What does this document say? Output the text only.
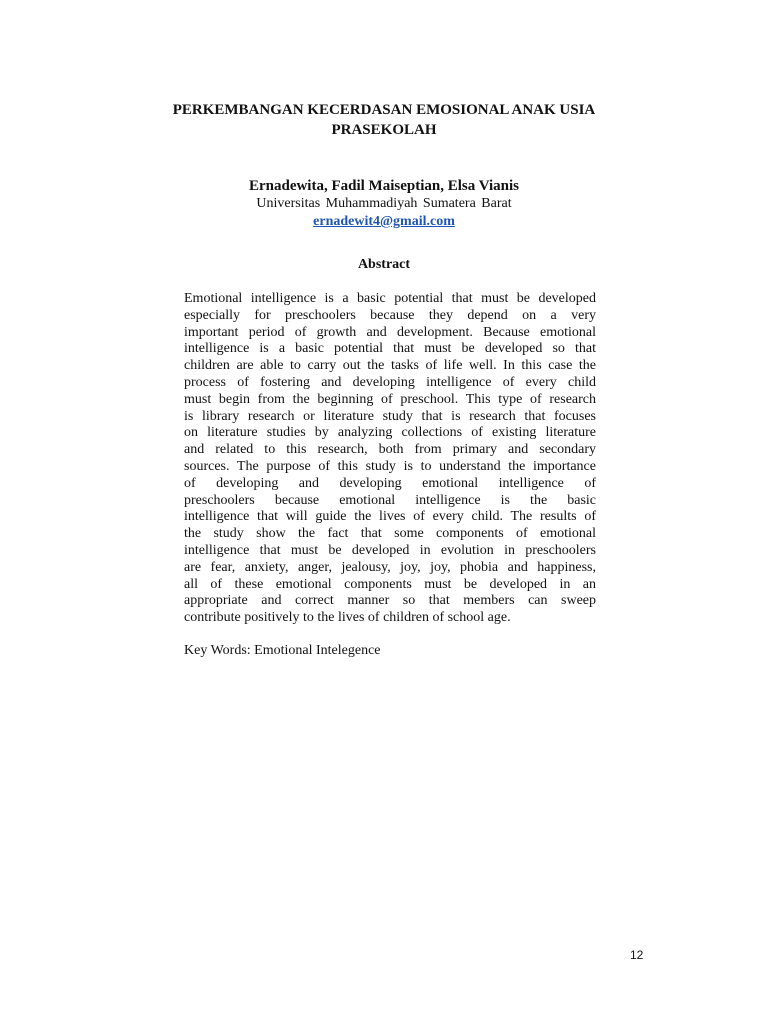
PERKEMBANGAN KECERDASAN EMOSIONAL ANAK USIA
PRASEKOLAH
Ernadewita, Fadil Maiseptian, Elsa Vianis
Universitas Muhammadiyah Sumatera Barat
ernadewit4@gmail.com
Abstract
Emotional intelligence is a basic potential that must be developed
especially for preschoolers because they depend on a very
important period of growth and development. Because emotional
intelligence is a basic potential that must be developed so that
children are able to carry out the tasks of life well. In this case the
process of fostering and developing intelligence of every child
must begin from the beginning of preschool. This type of research
is library research or literature study that is research that focuses
on literature studies by analyzing collections of existing literature
and related to this research, both from primary and secondary
sources. The purpose of this study is to understand the importance
of developing and developing emotional intelligence of
preschoolers because emotional intelligence is the basic
intelligence that will guide the lives of every child. The results of
the study show the fact that some components of emotional
intelligence that must be developed in evolution in preschoolers
are fear, anxiety, anger, jealousy, joy, joy, phobia and happiness,
all of these emotional components must be developed in an
appropriate and correct manner so that members can sweep
contribute positively to the lives of children of school age.
Key Words: Emotional Intelegence
12
